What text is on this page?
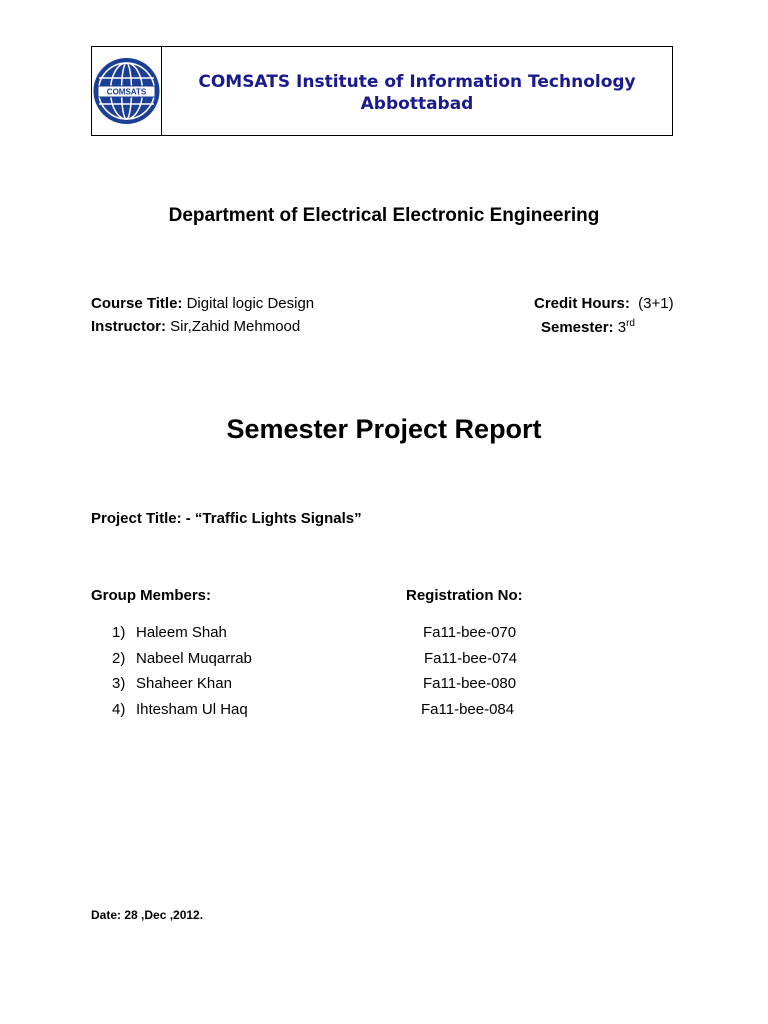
COMSATS	COMSATS Institute of Information Technology
Abbottabad
Department of Electrical Electronic Engineering
Course Title: Digital logic Design	Credit Hours:  (3+1)
Instructor: Sir,Zahid Mehmood	Semester: 3rd
Semester Project Report
Project Title: - “Traffic Lights Signals”
Group Members:	Registration No:
1) Haleem Shah	Fa11-bee-070
2) Nabeel Muqarrab	Fa11-bee-074
3) Shaheer Khan	Fa11-bee-080
4) Ihtesham Ul Haq	Fa11-bee-084
Date: 28 ,Dec ,2012.
